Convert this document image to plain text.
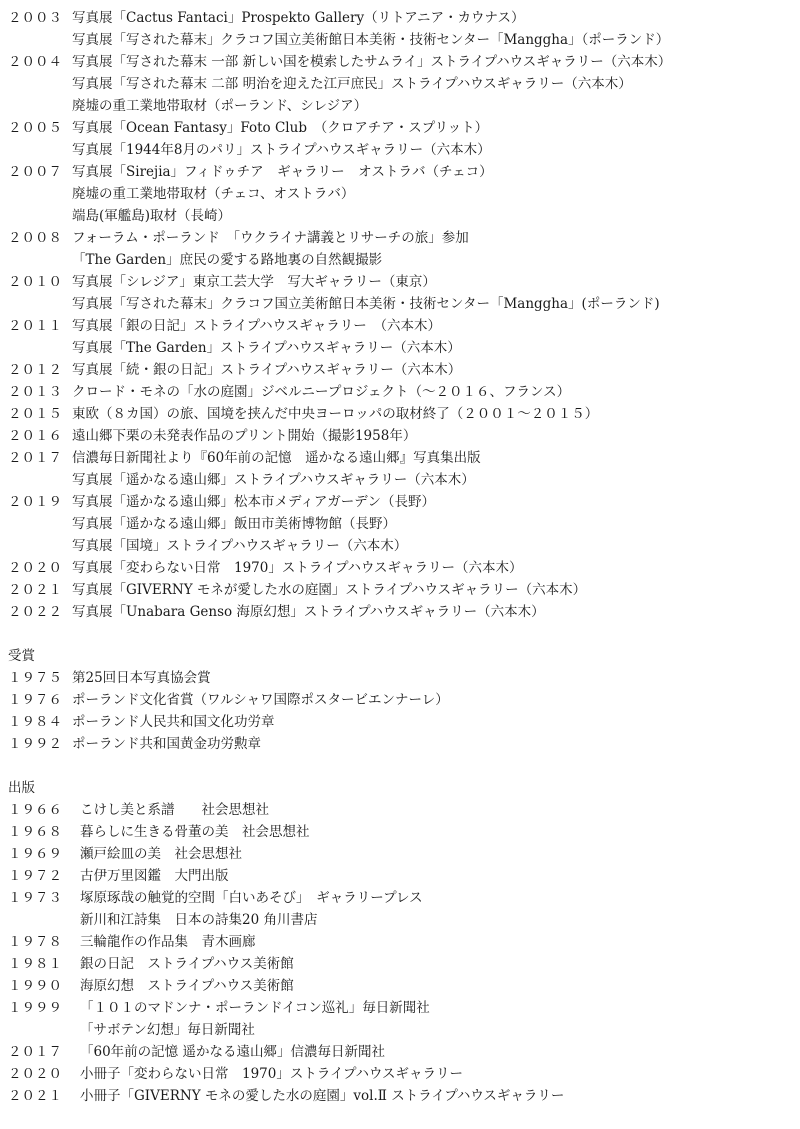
２００３ 写真展「Cactus Fantaci」Prospekto Gallery（リトアニア・カウナス）
写真展「写された幕末」クラコフ国立美術館日本美術・技術センター「Manggha」（ポーランド）
２００４ 写真展「写された幕末 一部 新しい国を模索したサムライ」ストライプハウスギャラリー（六本木）
写真展「写された幕末 二部 明治を迎えた江戸庶民」ストライプハウスギャラリー（六本木）
廃墟の重工業地帯取材（ポーランド、シレジア）
２００５ 写真展「Ocean Fantasy」Foto Club　（クロアチア・スプリット）
写真展「1944年8月のパリ」ストライプハウスギャラリー（六本木）
２００７ 写真展「Sirejia」フィドゥチア　ギャラリー　オストラバ（チェコ）
廃墟の重工業地帯取材（チェコ、オストラバ）
端島(軍艦島)取材（長崎）
２００８ フォーラム・ポーランド　「ウクライナ講義とリサーチの旅」参加
「The Garden」庶民の愛する路地裏の自然観撮影
２０１０ 写真展「シレジア」東京工芸大学　写大ギャラリー（東京）
写真展「写された幕末」クラコフ国立美術館日本美術・技術センター「Manggha」(ポーランド)
２０１１ 写真展「銀の日記」ストライプハウスギャラリー　（六本木）
写真展「The Garden」ストライプハウスギャラリー（六本木）
２０１２ 写真展「続・銀の日記」ストライプハウスギャラリー（六本木）
２０１３ クロード・モネの「水の庭園」ジベルニープロジェクト（～２０１６、フランス）
２０１５ 東欧（８カ国）の旅、国境を挟んだ中央ヨーロッパの取材終了（２００１～２０１５）
２０１６ 遠山郷下栗の未発表作品のプリント開始（撮影1958年）
２０１７ 信濃毎日新聞社より『60年前の記憶　遥かなる遠山郷』写真集出版
写真展「遥かなる遠山郷」ストライプハウスギャラリー（六本木）
２０１９ 写真展「遥かなる遠山郷」松本市メディアガーデン（長野）
写真展「遥かなる遠山郷」飯田市美術博物館（長野）
写真展「国境」ストライプハウスギャラリー（六本木）
２０２０ 写真展「変わらない日常　1970」ストライプハウスギャラリー（六本木）
２０２１ 写真展「GIVERNY モネが愛した水の庭園」ストライプハウスギャラリー（六本木）
２０２２ 写真展「Unabara Genso 海原幻想」ストライプハウスギャラリー（六本木）
受賞
１９７５ 第25回日本写真協会賞
１９７６ ポーランド文化省賞（ワルシャワ国際ポスタービエンナーレ）
１９８４ ポーランド人民共和国文化功労章
１９９２ ポーランド共和国黄金功労勲章
出版
１９６６	こけし美と系譜　　社会思想社
１９６８	暮らしに生きる骨董の美　社会思想社
１９６９	瀬戸絵皿の美　社会思想社
１９７２	古伊万里図鑑　大門出版
１９７３	塚原琢哉の触覚的空間「白いあそび」　ギャラリープレス
新川和江詩集　日本の詩集20 角川書店
１９７８	三輪龍作の作品集　青木画廊
１９８１	銀の日記　ストライプハウス美術館
１９９０	海原幻想　ストライプハウス美術館
１９９９	「１０１のマドンナ・ポーランドイコン巡礼」毎日新聞社
「サボテン幻想」毎日新聞社
２０１７	「60年前の記憶 遥かなる遠山郷」信濃毎日新聞社
２０２０	小冊子「変わらない日常　1970」ストライプハウスギャラリー
２０２１	小冊子「GIVERNY モネの愛した水の庭園」vol.Ⅱ ストライプハウスギャラリー
